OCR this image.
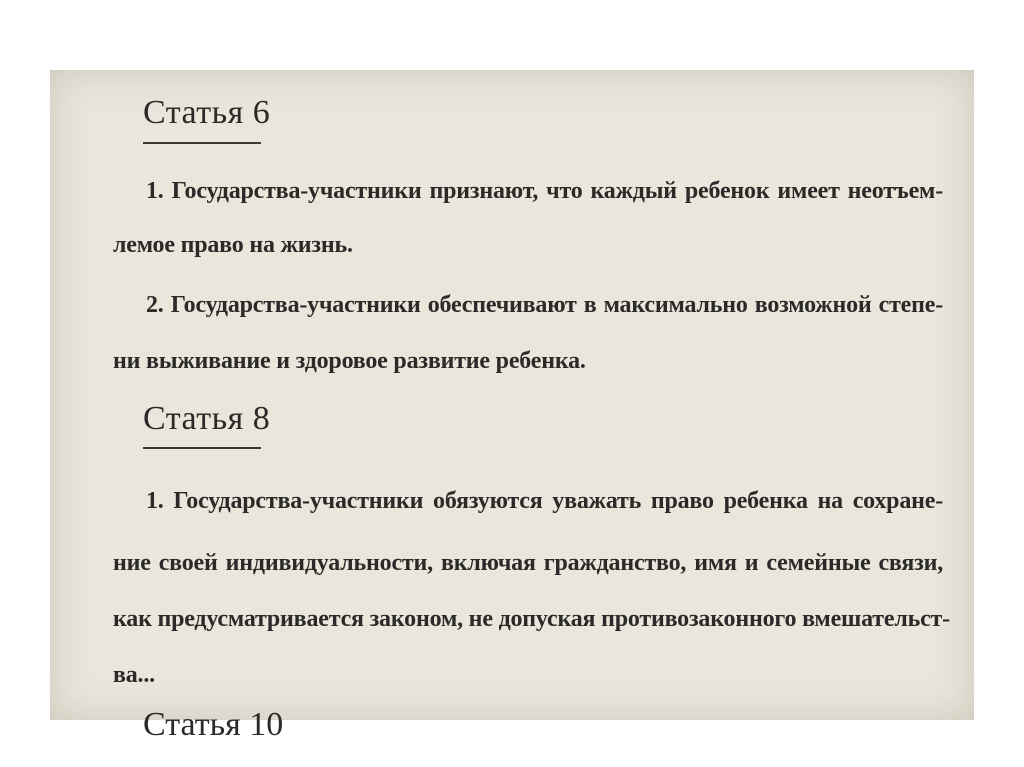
Статья 6
1. Государства-участники признают, что каждый ребенок имеет неотъем-
лемое право на жизнь.
2. Государства-участники обеспечивают в максимально возможной степе-
ни выживание и здоровое развитие ребенка.
Статья 8
1. Государства-участники обязуются уважать право ребенка на сохране-
ние своей индивидуальности, включая гражданство, имя и семейные связи,
как предусматривается законом, не допуская противозаконного вмешательст-
ва...
Статья 10
